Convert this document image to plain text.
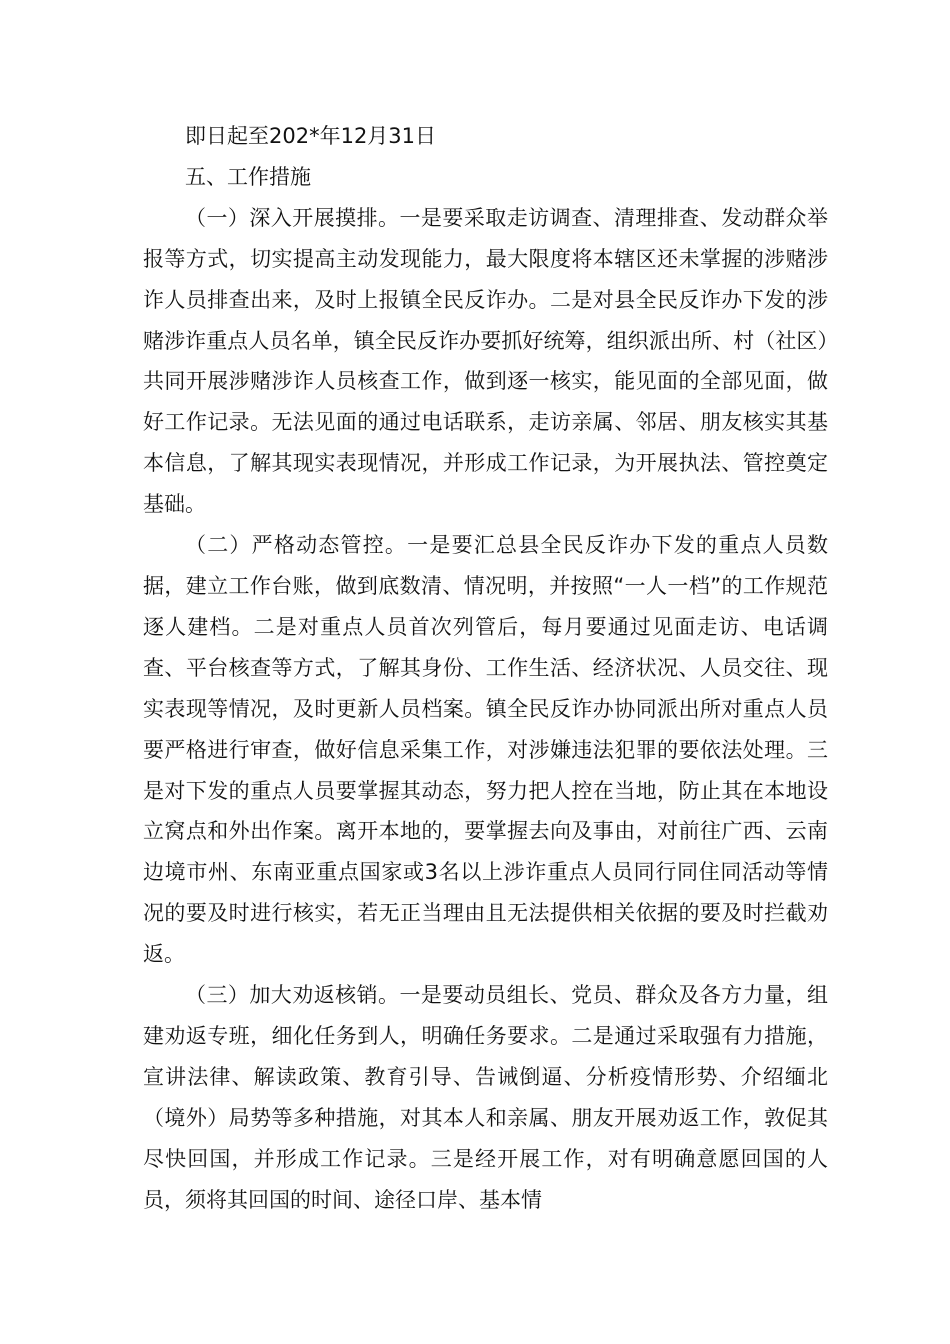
即日起至202*年12月31日

五、工作措施

（一）深入开展摸排。一是要采取走访调查、清理排查、发动群众举报等方式，切实提高主动发现能力，最大限度将本辖区还未掌握的涉赌涉诈人员排查出来，及时上报镇全民反诈办。二是对县全民反诈办下发的涉赌涉诈重点人员名单，镇全民反诈办要抓好统筹，组织派出所、村（社区）共同开展涉赌涉诈人员核查工作，做到逐一核实，能见面的全部见面，做好工作记录。无法见面的通过电话联系，走访亲属、邻居、朋友核实其基本信息，了解其现实表现情况，并形成工作记录，为开展执法、管控奠定基础。

（二）严格动态管控。一是要汇总县全民反诈办下发的重点人员数据，建立工作台账，做到底数清、情况明，并按照“一人一档”的工作规范逐人建档。二是对重点人员首次列管后，每月要通过见面走访、电话调查、平台核查等方式，了解其身份、工作生活、经济状况、人员交往、现实表现等情况，及时更新人员档案。镇全民反诈办协同派出所对重点人员要严格进行审查，做好信息采集工作，对涉嫌违法犯罪的要依法处理。三是对下发的重点人员要掌握其动态，努力把人控在当地，防止其在本地设立窝点和外出作案。离开本地的，要掌握去向及事由，对前往广西、云南边境市州、东南亚重点国家或3名以上涉诈重点人员同行同住同活动等情况的要及时进行核实，若无正当理由且无法提供相关依据的要及时拦截劝返。

（三）加大劝返核销。一是要动员组长、党员、群众及各方力量，组建劝返专班，细化任务到人，明确任务要求。二是通过采取强有力措施，宣讲法律、解读政策、教育引导、告诫倒逼、分析疫情形势、介绍缅北（境外）局势等多种措施，对其本人和亲属、朋友开展劝返工作，敦促其尽快回国，并形成工作记录。三是经开展工作，对有明确意愿回国的人员，须将其回国的时间、途径口岸、基本情
